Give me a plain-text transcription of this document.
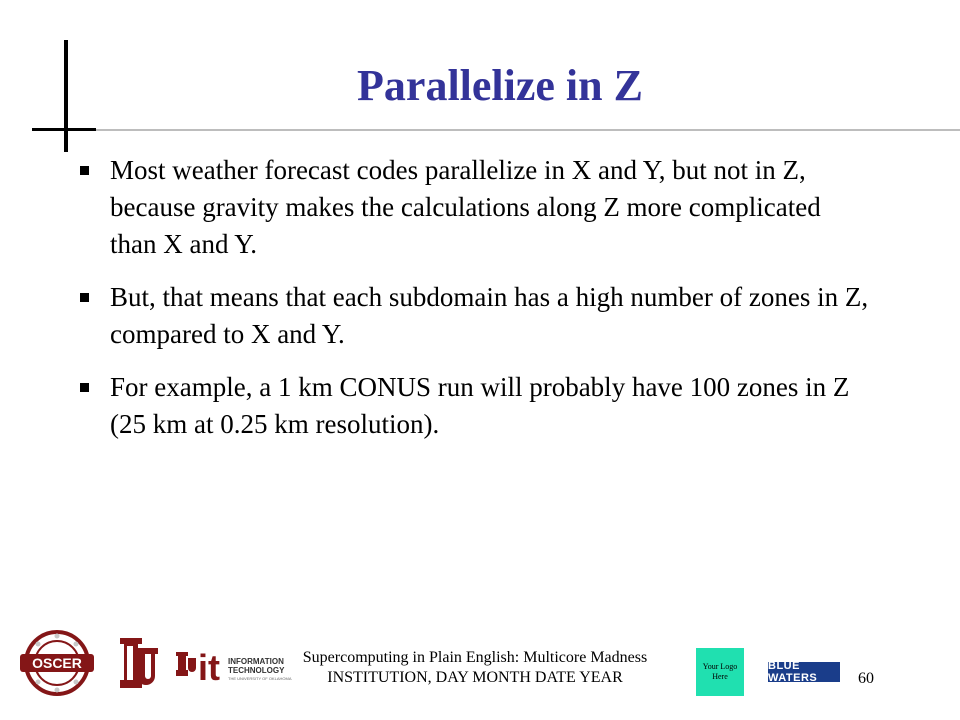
Parallelize in Z
Most weather forecast codes parallelize in X and Y, but not in Z, because gravity makes the calculations along Z more complicated than X and Y.
But, that means that each subdomain has a high number of zones in Z, compared to X and Y.
For example, a 1 km CONUS run will probably have 100 zones in Z (25 km at 0.25 km resolution).
OSCER	it INFORMATION
TECHNOLOGY
THE UNIVERSITY OF OKLAHOMA
Supercomputing in Plain English: Multicore Madness
INSTITUTION, DAY MONTH DATE YEAR
Your Logo Here
BLUE WATERS	60
